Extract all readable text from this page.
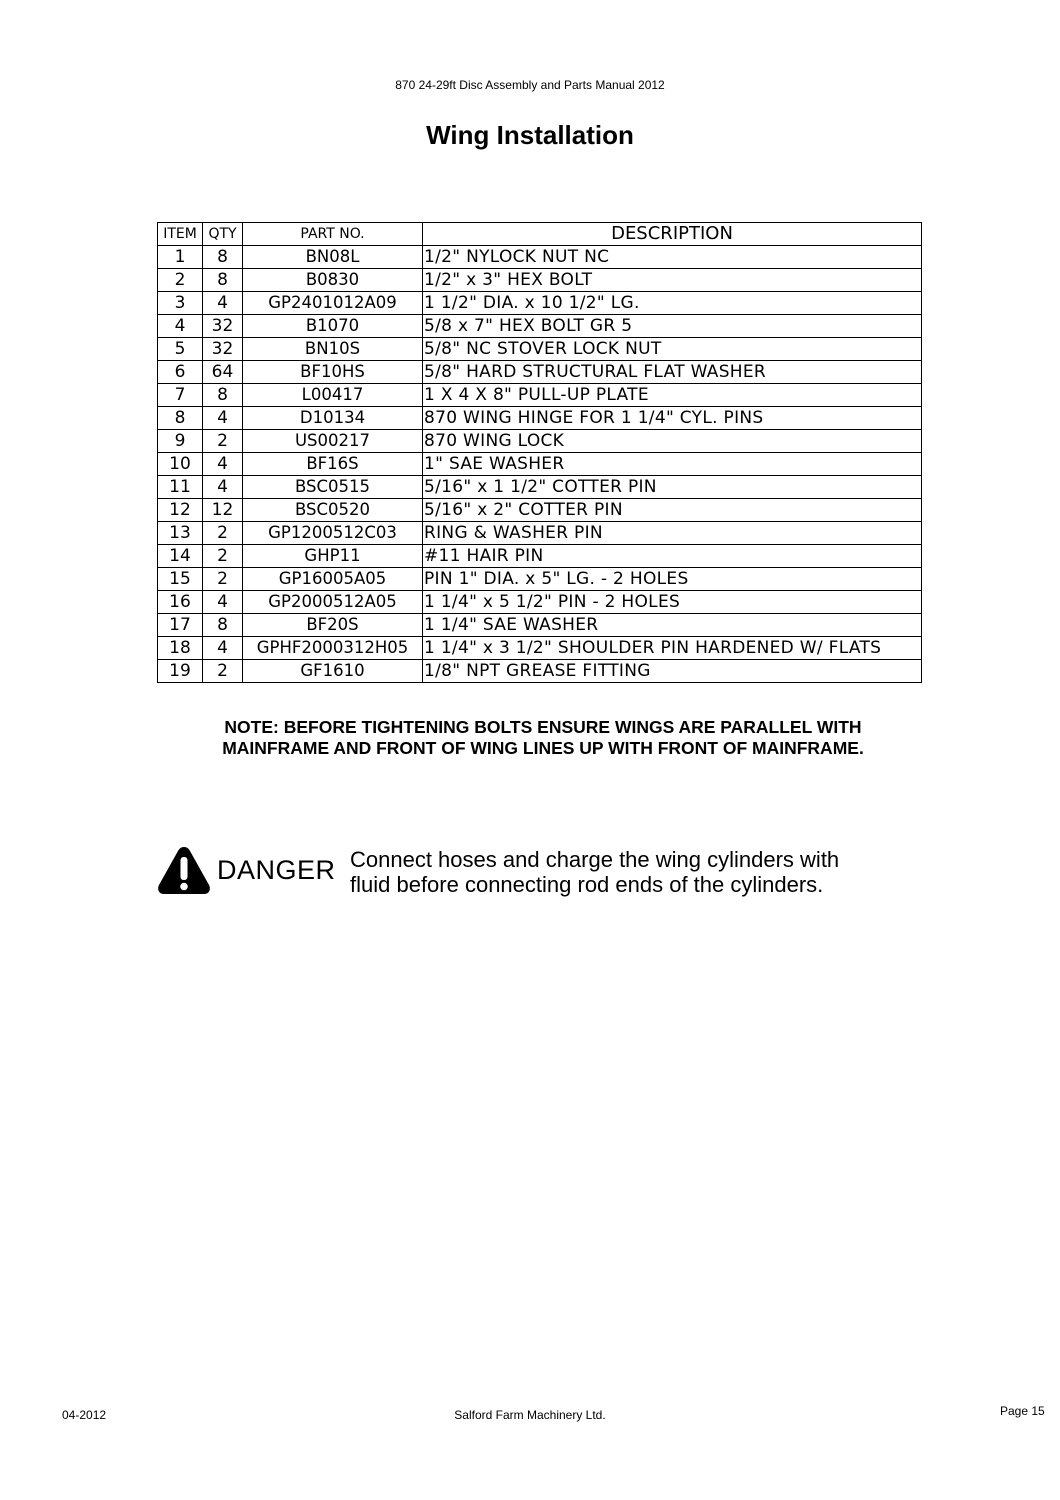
870 24-29ft Disc Assembly and Parts Manual 2012
Wing Installation
ITEM	QTY	PART NO.	DESCRIPTION
1	8	BN08L	1/2" NYLOCK NUT NC
2	8	B0830	1/2" x 3" HEX BOLT
3	4	GP2401012A09	1 1/2" DIA. x 10 1/2" LG.
4	32	B1070	5/8 x 7" HEX BOLT GR 5
5	32	BN10S	5/8" NC STOVER LOCK NUT
6	64	BF10HS	5/8" HARD STRUCTURAL FLAT WASHER
7	8	L00417	1 X 4 X 8" PULL-UP PLATE
8	4	D10134	870 WING HINGE FOR 1 1/4" CYL. PINS
9	2	US00217	870 WING LOCK
10	4	BF16S	1" SAE WASHER
11	4	BSC0515	5/16" x 1 1/2" COTTER PIN
12	12	BSC0520	5/16" x 2" COTTER PIN
13	2	GP1200512C03	RING & WASHER PIN
14	2	GHP11	#11 HAIR PIN
15	2	GP16005A05	PIN 1" DIA. x 5" LG. - 2 HOLES
16	4	GP2000512A05	1 1/4" x 5 1/2" PIN - 2 HOLES
17	8	BF20S	1 1/4" SAE WASHER
18	4	GPHF2000312H05	1 1/4" x 3 1/2" SHOULDER PIN HARDENED W/ FLATS
19	2	GF1610	1/8" NPT GREASE FITTING
NOTE: BEFORE TIGHTENING BOLTS ENSURE WINGS ARE PARALLEL WITH
MAINFRAME AND FRONT OF WING LINES UP WITH FRONT OF MAINFRAME.
DANGER Connect hoses and charge the wing cylinders with
fluid before connecting rod ends of the cylinders.
04-2012	Salford Farm Machinery Ltd.	Page 15
